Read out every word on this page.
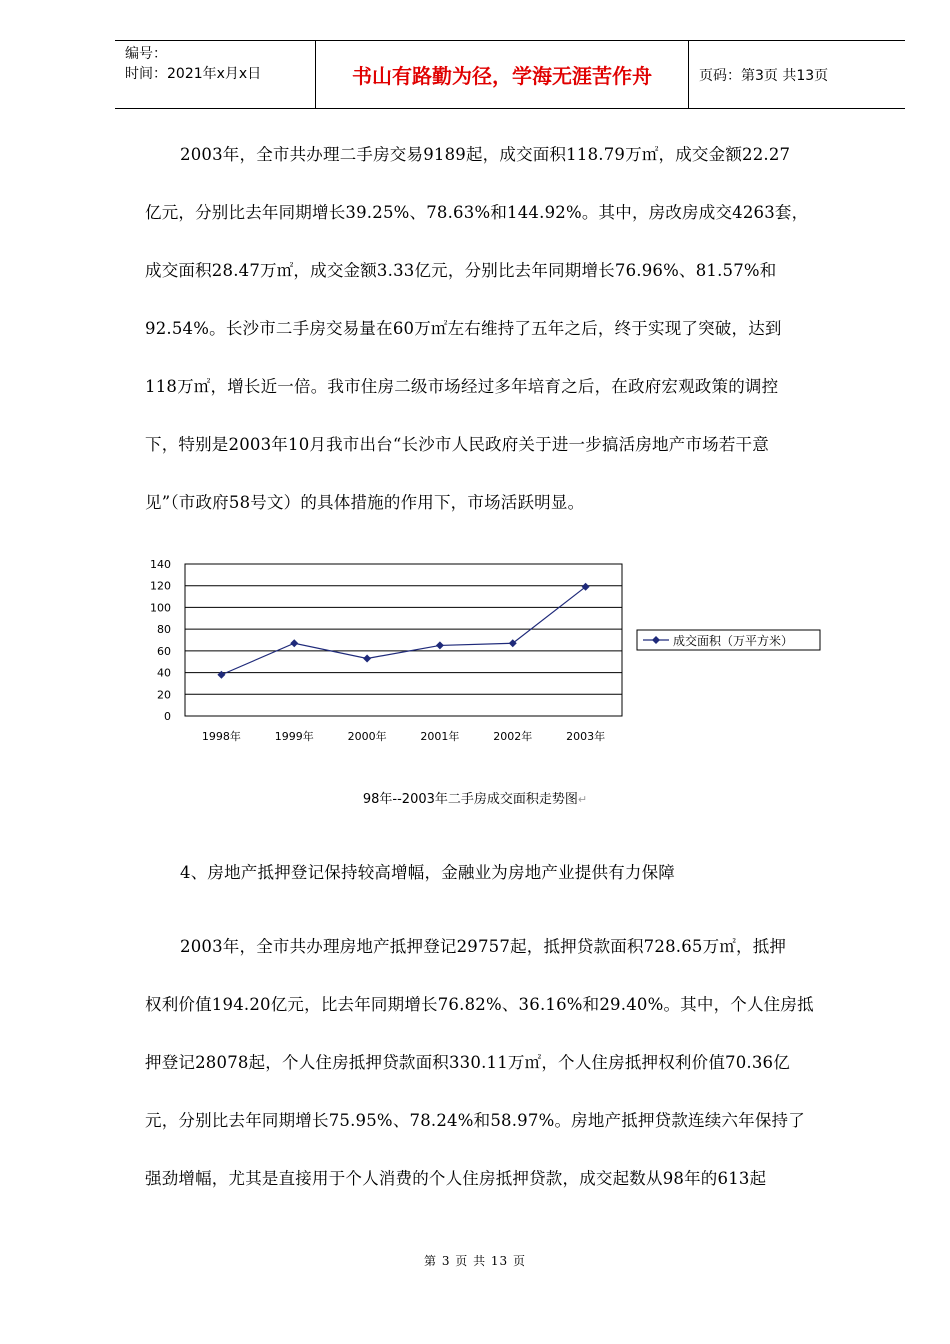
编号：
时间：2021年x月x日	书山有路勤为径，学海无涯苦作舟	页码：第3页 共13页
2003年，全市共办理二手房交易9189起，成交面积118.79万㎡，成交金额22.27
亿元，分别比去年同期增长39.25%、78.63%和144.92%。其中，房改房成交4263套，
成交面积28.47万㎡，成交金额3.33亿元，分别比去年同期增长76.96%、81.57%和
92.54%。长沙市二手房交易量在60万㎡左右维持了五年之后，终于实现了突破，达到
118万㎡，增长近一倍。我市住房二级市场经过多年培育之后，在政府宏观政策的调控
下，特别是2003年10月我市出台“长沙市人民政府关于进一步搞活房地产市场若干意
见”（市政府58号文）的具体措施的作用下，市场活跃明显。
0
20
40
60
80
100
120
140
1998年	1999年	2000年	2001年	2002年	2003年
成交面积（万平方米）
98年--2003年二手房成交面积走势图↵
4、房地产抵押登记保持较高增幅，金融业为房地产业提供有力保障
2003年，全市共办理房地产抵押登记29757起，抵押贷款面积728.65万㎡，抵押
权利价值194.20亿元，比去年同期增长76.82%、36.16%和29.40%。其中，个人住房抵
押登记28078起，个人住房抵押贷款面积330.11万㎡，个人住房抵押权利价值70.36亿
元，分别比去年同期增长75.95%、78.24%和58.97%。房地产抵押贷款连续六年保持了
强劲增幅，尤其是直接用于个人消费的个人住房抵押贷款，成交起数从98年的613起
第 3 页 共 13 页
